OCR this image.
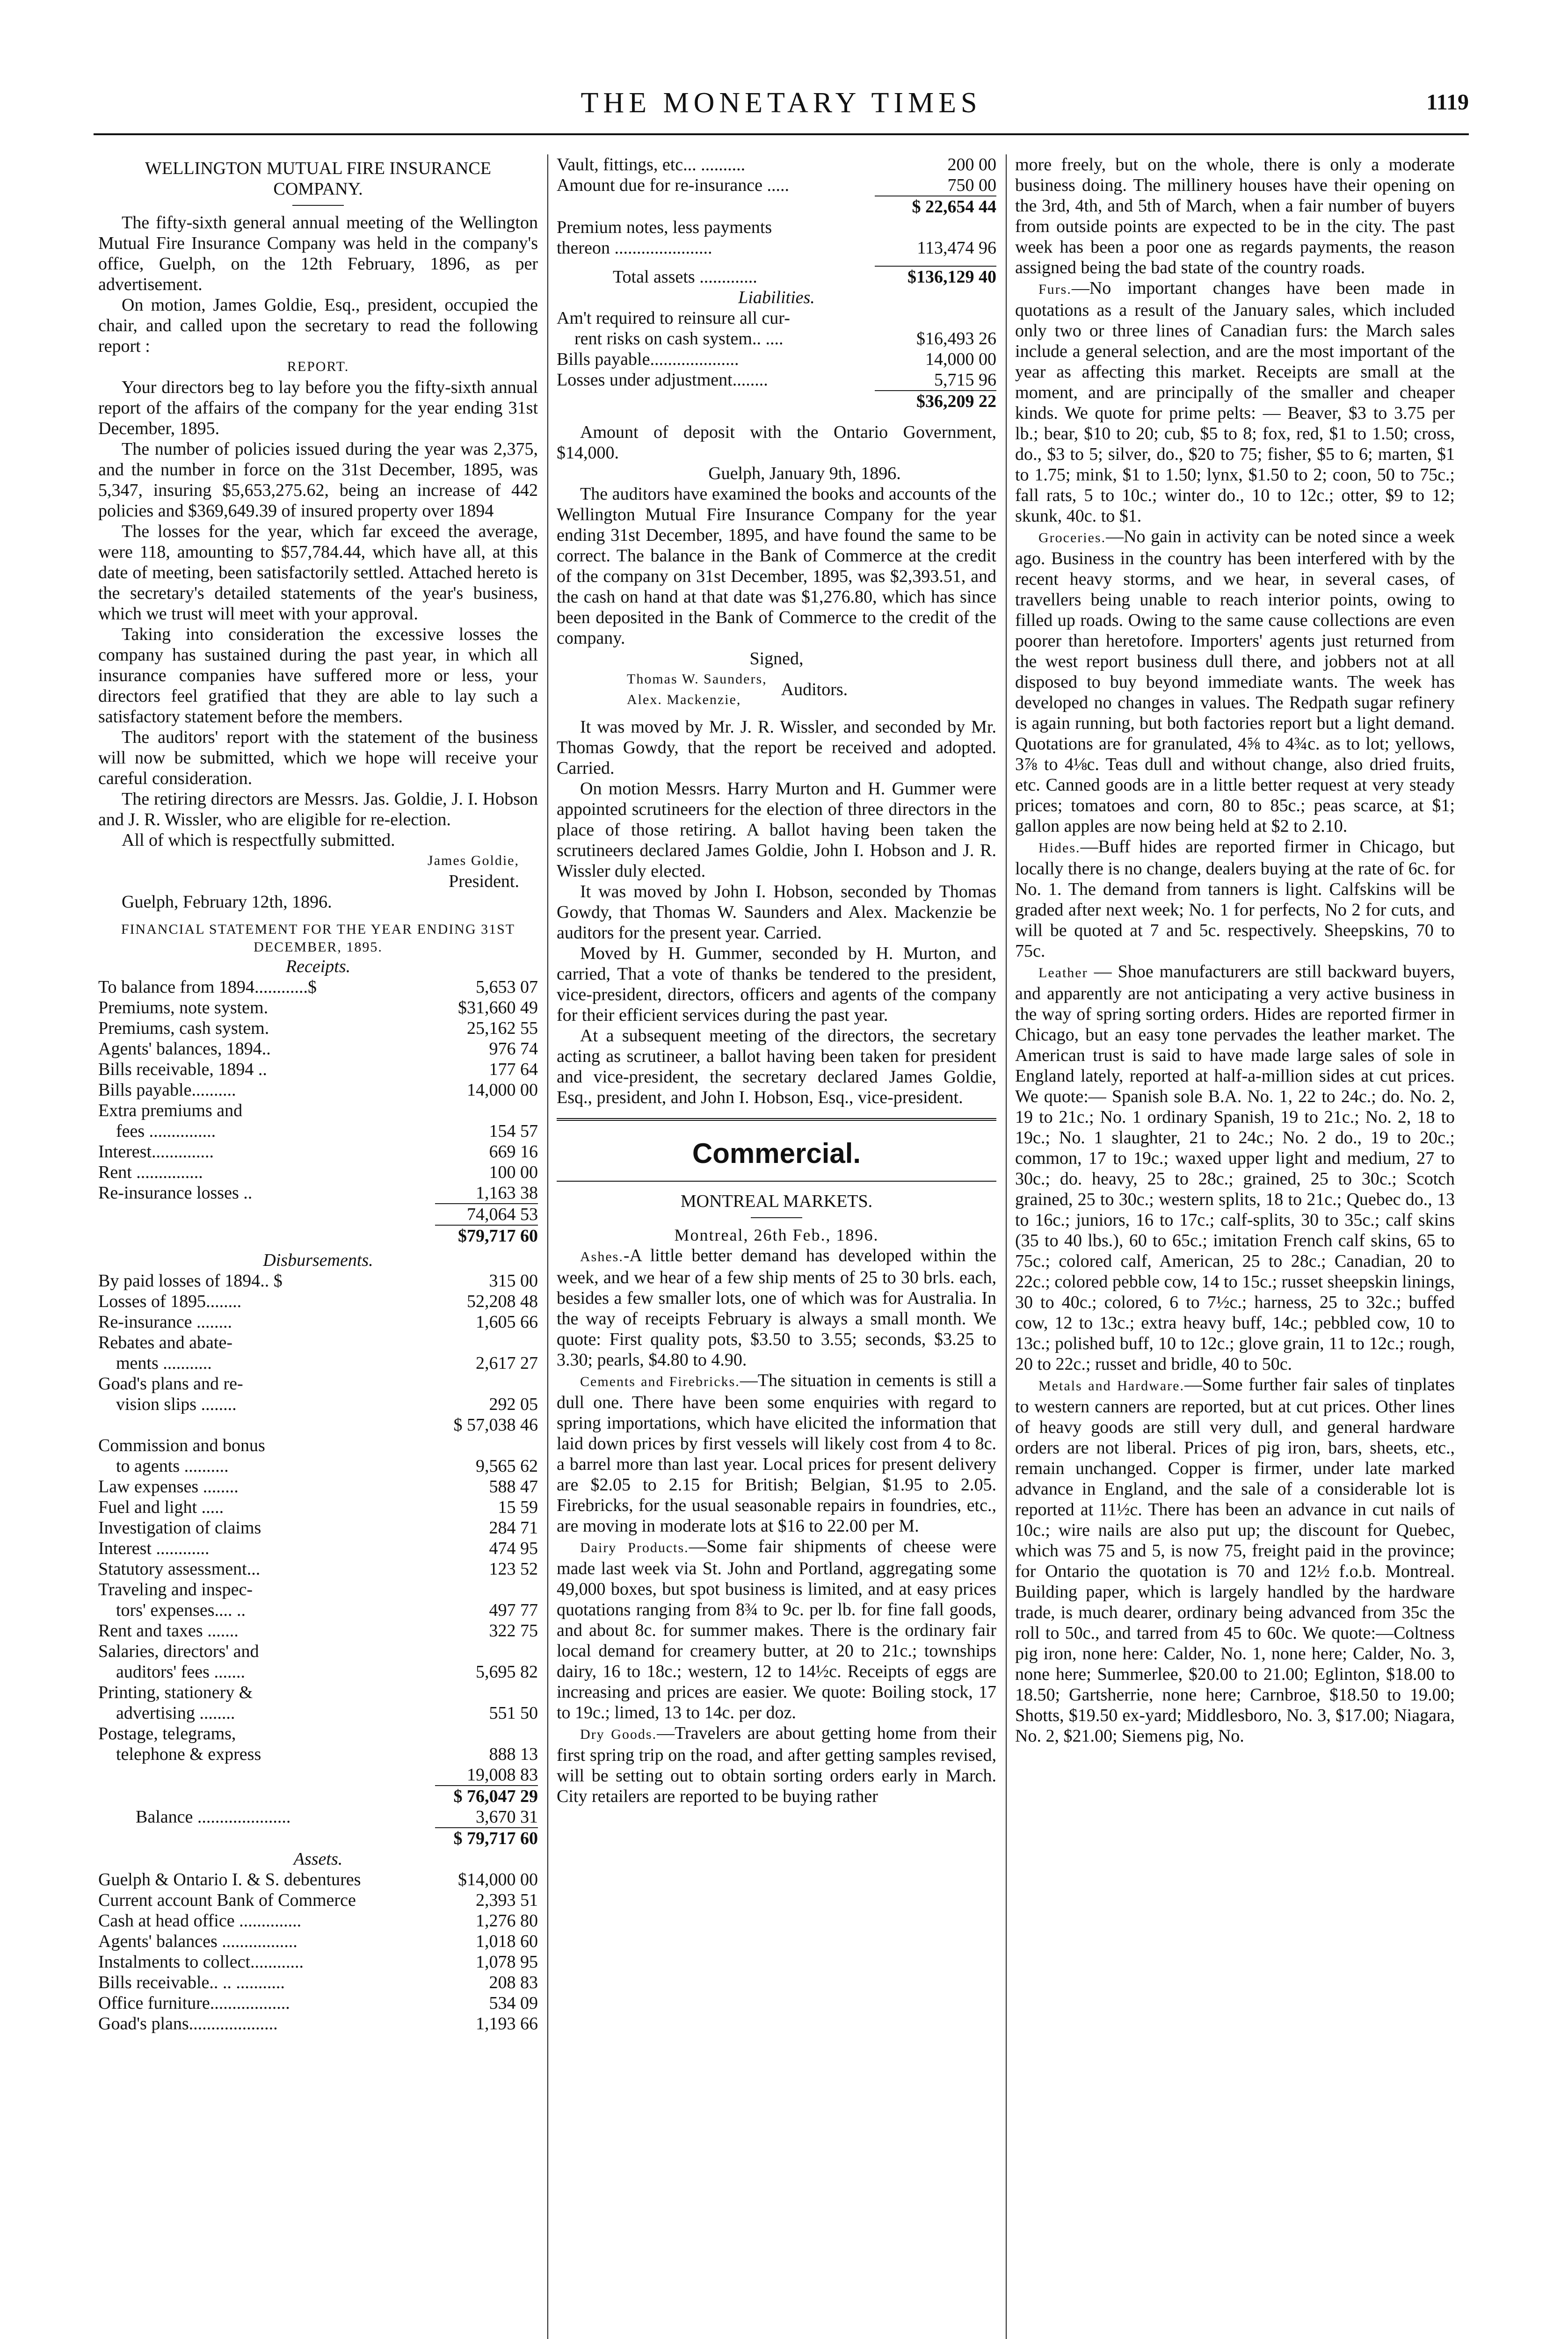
THE MONETARY TIMES	1119
WELLINGTON MUTUAL FIRE INSURANCE COMPANY.

The fifty-sixth general annual meeting of the Wellington Mutual Fire Insurance Company was held in the company's office, Guelph, on the 12th February, 1896, as per advertisement.

On motion, James Goldie, Esq., president, occupied the chair, and called upon the secretary to read the following report :

REPORT.

Your directors beg to lay before you the fifty-sixth annual report of the affairs of the company for the year ending 31st December, 1895.

The number of policies issued during the year was 2,375, and the number in force on the 31st December, 1895, was 5,347, insuring $5,653,275.62, being an increase of 442 policies and $369,649.39 of insured property over 1894

The losses for the year, which far exceed the average, were 118, amounting to $57,784.44, which have all, at this date of meeting, been satisfactorily settled. Attached hereto is the secretary's detailed statements of the year's business, which we trust will meet with your approval.

Taking into consideration the excessive losses the company has sustained during the past year, in which all insurance companies have suffered more or less, your directors feel gratified that they are able to lay such a satisfactory statement before the members.

The auditors' report with the statement of the business will now be submitted, which we hope will receive your careful consideration.

The retiring directors are Messrs. Jas. Goldie, J. I. Hobson and J. R. Wissler, who are eligible for re-election.

All of which is respectfully submitted.

James Goldie,
President.

Guelph, February 12th, 1896.

FINANCIAL STATEMENT FOR THE YEAR ENDING 31ST DECEMBER, 1895.
Receipts.
To balance from 1894............$	5,653 07
Premiums, note system.	$31,660 49
Premiums, cash system.	25,162 55
Agents' balances, 1894..	976 74
Bills receivable, 1894 ..	177 64
Bills payable..........	14,000 00
Extra premiums and
fees ...............	154 57
Interest..............	669 16
Rent ...............	100 00
Re-insurance losses ..	1,163 38
74,064 53
$79,717 60
Disbursements.
By paid losses of 1894.. $	315 00
Losses of 1895........	52,208 48
Re-insurance ........	1,605 66
Rebates and abate-
ments ...........	2,617 27
Goad's plans and re-
vision slips ........	292 05
$ 57,038 46
Commission and bonus
to agents ..........	9,565 62
Law expenses ........	588 47
Fuel and light .....	15 59
Investigation of claims	284 71
Interest ............	474 95
Statutory assessment...	123 52
Traveling and inspec-
tors' expenses.... ..	497 77
Rent and taxes .......	322 75
Salaries, directors' and
auditors' fees .......	5,695 82
Printing, stationery &
advertising ........	551 50
Postage, telegrams,
telephone & express	888 13
19,008 83
$ 76,047 29
Balance .....................	3,670 31
$ 79,717 60
Assets.
Guelph & Ontario I. & S. debentures	$14,000 00
Current account Bank of Commerce	2,393 51
Cash at head office ..............	1,276 80
Agents' balances .................	1,018 60
Instalments to collect............	1,078 95
Bills receivable.. .. ...........	208 83
Office furniture..................	534 09
Goad's plans....................	1,193 66
Vault, fittings, etc... ..........	200 00
Amount due for re-insurance .....	750 00
$ 22,654 44
Premium notes, less payments
thereon ......................	113,474 96
Total assets .............	$136,129 40
Liabilities.
Am't required to reinsure all cur-
rent risks on cash system.. ....	$16,493 26
Bills payable....................	14,000 00
Losses under adjustment........	5,715 96
$36,209 22

Amount of deposit with the Ontario Government, $14,000.

Guelph, January 9th, 1896.

The auditors have examined the books and accounts of the Wellington Mutual Fire Insurance Company for the year ending 31st December, 1895, and have found the same to be correct. The balance in the Bank of Commerce at the credit of the company on 31st December, 1895, was $2,393.51, and the cash on hand at that date was $1,276.80, which has since been deposited in the Bank of Commerce to the credit of the company.

Signed,
Thomas W. Saunders,
Alex. Mackenzie,
Auditors.

It was moved by Mr. J. R. Wissler, and seconded by Mr. Thomas Gowdy, that the report be received and adopted. Carried.

On motion Messrs. Harry Murton and H. Gummer were appointed scrutineers for the election of three directors in the place of those retiring. A ballot having been taken the scrutineers declared James Goldie, John I. Hobson and J. R. Wissler duly elected.

It was moved by John I. Hobson, seconded by Thomas Gowdy, that Thomas W. Saunders and Alex. Mackenzie be auditors for the present year. Carried.

Moved by H. Gummer, seconded by H. Murton, and carried, That a vote of thanks be tendered to the president, vice-president, directors, officers and agents of the company for their efficient services during the past year.

At a subsequent meeting of the directors, the secretary acting as scrutineer, a ballot having been taken for president and vice-president, the secretary declared James Goldie, Esq., president, and John I. Hobson, Esq., vice-president.

Commercial.
MONTREAL MARKETS.
Montreal, 26th Feb., 1896.

Ashes.-A little better demand has developed within the week, and we hear of a few ship ments of 25 to 30 brls. each, besides a few smaller lots, one of which was for Australia. In the way of receipts February is always a small month. We quote: First quality pots, $3.50 to 3.55; seconds, $3.25 to 3.30; pearls, $4.80 to 4.90.

Cements and Firebricks.—The situation in cements is still a dull one. There have been some enquiries with regard to spring importations, which have elicited the information that laid down prices by first vessels will likely cost from 4 to 8c. a barrel more than last year. Local prices for present delivery are $2.05 to 2.15 for British; Belgian, $1.95 to 2.05. Firebricks, for the usual seasonable repairs in foundries, etc., are moving in moderate lots at $16 to 22.00 per M.

Dairy Products.—Some fair shipments of cheese were made last week via St. John and Portland, aggregating some 49,000 boxes, but spot business is limited, and at easy prices quotations ranging from 8¾ to 9c. per lb. for fine fall goods, and about 8c. for summer makes. There is the ordinary fair local demand for creamery butter, at 20 to 21c.; townships dairy, 16 to 18c.; western, 12 to 14½c. Receipts of eggs are increasing and prices are easier. We quote: Boiling stock, 17 to 19c.; limed, 13 to 14c. per doz.

Dry Goods.—Travelers are about getting home from their first spring trip on the road, and after getting samples revised, will be setting out to obtain sorting orders early in March. City retailers are reported to be buying rather

more freely, but on the whole, there is only a moderate business doing. The millinery houses have their opening on the 3rd, 4th, and 5th of March, when a fair number of buyers from outside points are expected to be in the city. The past week has been a poor one as regards payments, the reason assigned being the bad state of the country roads.

Furs.—No important changes have been made in quotations as a result of the January sales, which included only two or three lines of Canadian furs: the March sales include a general selection, and are the most important of the year as affecting this market. Receipts are small at the moment, and are principally of the smaller and cheaper kinds. We quote for prime pelts: — Beaver, $3 to 3.75 per lb.; bear, $10 to 20; cub, $5 to 8; fox, red, $1 to 1.50; cross, do., $3 to 5; silver, do., $20 to 75; fisher, $5 to 6; marten, $1 to 1.75; mink, $1 to 1.50; lynx, $1.50 to 2; coon, 50 to 75c.; fall rats, 5 to 10c.; winter do., 10 to 12c.; otter, $9 to 12; skunk, 40c. to $1.

Groceries.—No gain in activity can be noted since a week ago. Business in the country has been interfered with by the recent heavy storms, and we hear, in several cases, of travellers being unable to reach interior points, owing to filled up roads. Owing to the same cause collections are even poorer than heretofore. Importers' agents just returned from the west report business dull there, and jobbers not at all disposed to buy beyond immediate wants. The week has developed no changes in values. The Redpath sugar refinery is again running, but both factories report but a light demand. Quotations are for granulated, 4⅝ to 4¾c. as to lot; yellows, 3⅞ to 4⅛c. Teas dull and without change, also dried fruits, etc. Canned goods are in a little better request at very steady prices; tomatoes and corn, 80 to 85c.; peas scarce, at $1; gallon apples are now being held at $2 to 2.10.

Hides.—Buff hides are reported firmer in Chicago, but locally there is no change, dealers buying at the rate of 6c. for No. 1. The demand from tanners is light. Calfskins will be graded after next week; No. 1 for perfects, No 2 for cuts, and will be quoted at 7 and 5c. respectively. Sheepskins, 70 to 75c.

Leather — Shoe manufacturers are still backward buyers, and apparently are not anticipating a very active business in the way of spring sorting orders. Hides are reported firmer in Chicago, but an easy tone pervades the leather market. The American trust is said to have made large sales of sole in England lately, reported at half-a-million sides at cut prices. We quote:— Spanish sole B.A. No. 1, 22 to 24c.; do. No. 2, 19 to 21c.; No. 1 ordinary Spanish, 19 to 21c.; No. 2, 18 to 19c.; No. 1 slaughter, 21 to 24c.; No. 2 do., 19 to 20c.; common, 17 to 19c.; waxed upper light and medium, 27 to 30c.; do. heavy, 25 to 28c.; grained, 25 to 30c.; Scotch grained, 25 to 30c.; western splits, 18 to 21c.; Quebec do., 13 to 16c.; juniors, 16 to 17c.; calf-splits, 30 to 35c.; calf skins (35 to 40 lbs.), 60 to 65c.; imitation French calf skins, 65 to 75c.; colored calf, American, 25 to 28c.; Canadian, 20 to 22c.; colored pebble cow, 14 to 15c.; russet sheepskin linings, 30 to 40c.; colored, 6 to 7½c.; harness, 25 to 32c.; buffed cow, 12 to 13c.; extra heavy buff, 14c.; pebbled cow, 10 to 13c.; polished buff, 10 to 12c.; glove grain, 11 to 12c.; rough, 20 to 22c.; russet and bridle, 40 to 50c.

Metals and Hardware.—Some further fair sales of tinplates to western canners are reported, but at cut prices. Other lines of heavy goods are still very dull, and general hardware orders are not liberal. Prices of pig iron, bars, sheets, etc., remain unchanged. Copper is firmer, under late marked advance in England, and the sale of a considerable lot is reported at 11½c. There has been an advance in cut nails of 10c.; wire nails are also put up; the discount for Quebec, which was 75 and 5, is now 75, freight paid in the province; for Ontario the quotation is 70 and 12½ f.o.b. Montreal. Building paper, which is largely handled by the hardware trade, is much dearer, ordinary being advanced from 35c the roll to 50c., and tarred from 45 to 60c. We quote:—Coltness pig iron, none here: Calder, No. 1, none here; Calder, No. 3, none here; Summerlee, $20.00 to 21.00; Eglinton, $18.00 to 18.50; Gartsherrie, none here; Carnbroe, $18.50 to 19.00; Shotts, $19.50 ex-yard; Middlesboro, No. 3, $17.00; Niagara, No. 2, $21.00; Siemens pig, No.
